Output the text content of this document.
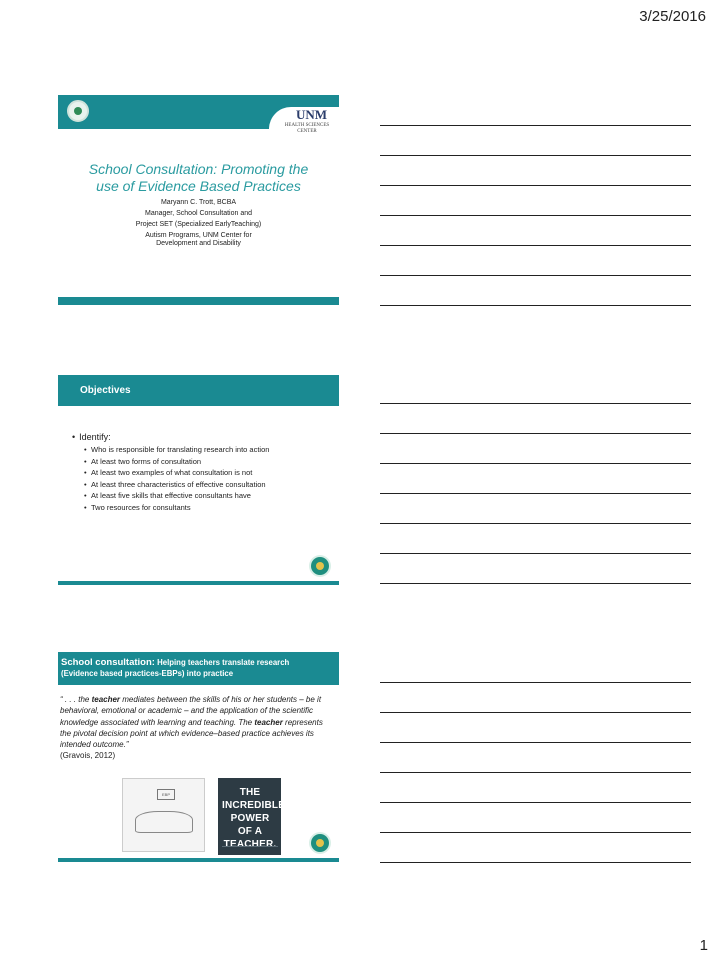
3/25/2016
UNM
HEALTH SCIENCES CENTER
School Consultation: Promoting the
use of Evidence Based Practices
Maryann C. Trott, BCBA
Manager, School Consultation and
Project SET (Specialized EarlyTeaching)
Autism Programs, UNM Center for
Development and Disability
Objectives
• Identify:
• Who is responsible for translating research into action
• At least two forms of consultation
• At least two examples of what consultation is not
• At least three characteristics of effective consultation
• At least five skills that effective consultants have
• Two resources for consultants
School consultation: Helping teachers translate research
(Evidence based practices-EBPs) into practice
“ . . . the teacher mediates between the skills of his or her students – be it behavioral, emotional or academic – and the application of the scientific knowledge associated with learning and teaching. The teacher represents the pivotal decision point at which evidence–based practice achieves its intended outcome.”
(Gravois, 2012)
EBP	THE INCREDIBLE POWER OF A TEACHER.
1
